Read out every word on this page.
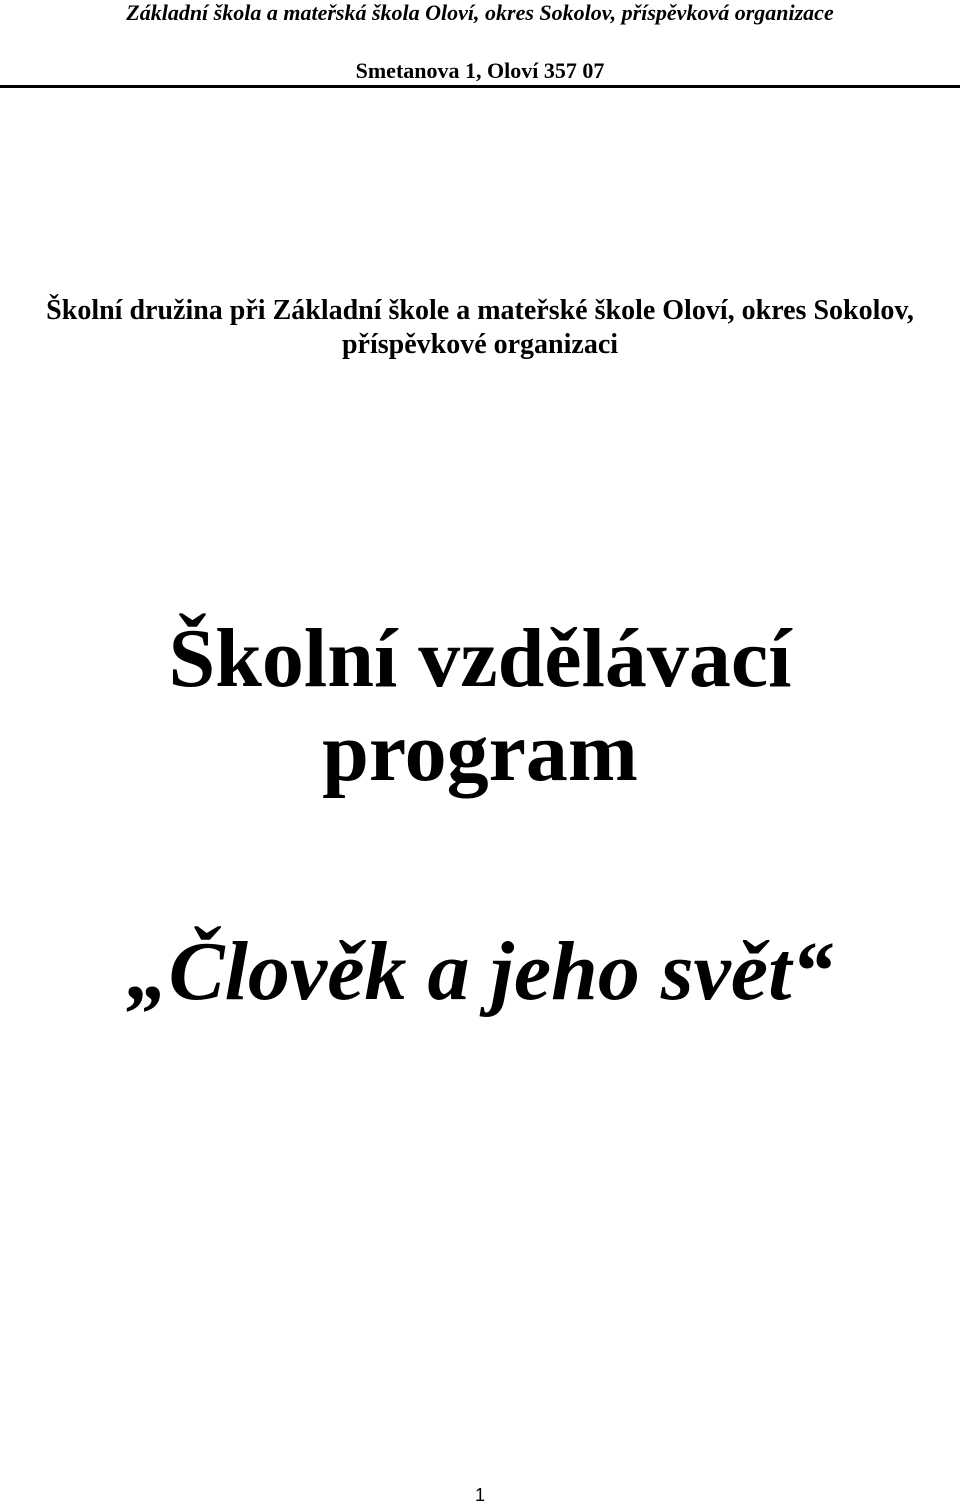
Základní škola a mateřská škola Oloví, okres Sokolov, příspěvková organizace
Smetanova 1, Oloví 357 07
Školní družina při Základní škole a mateřské škole Oloví, okres Sokolov,
příspěvkové organizaci
Školní vzdělávací
program
„Člověk a jeho svět“
1
